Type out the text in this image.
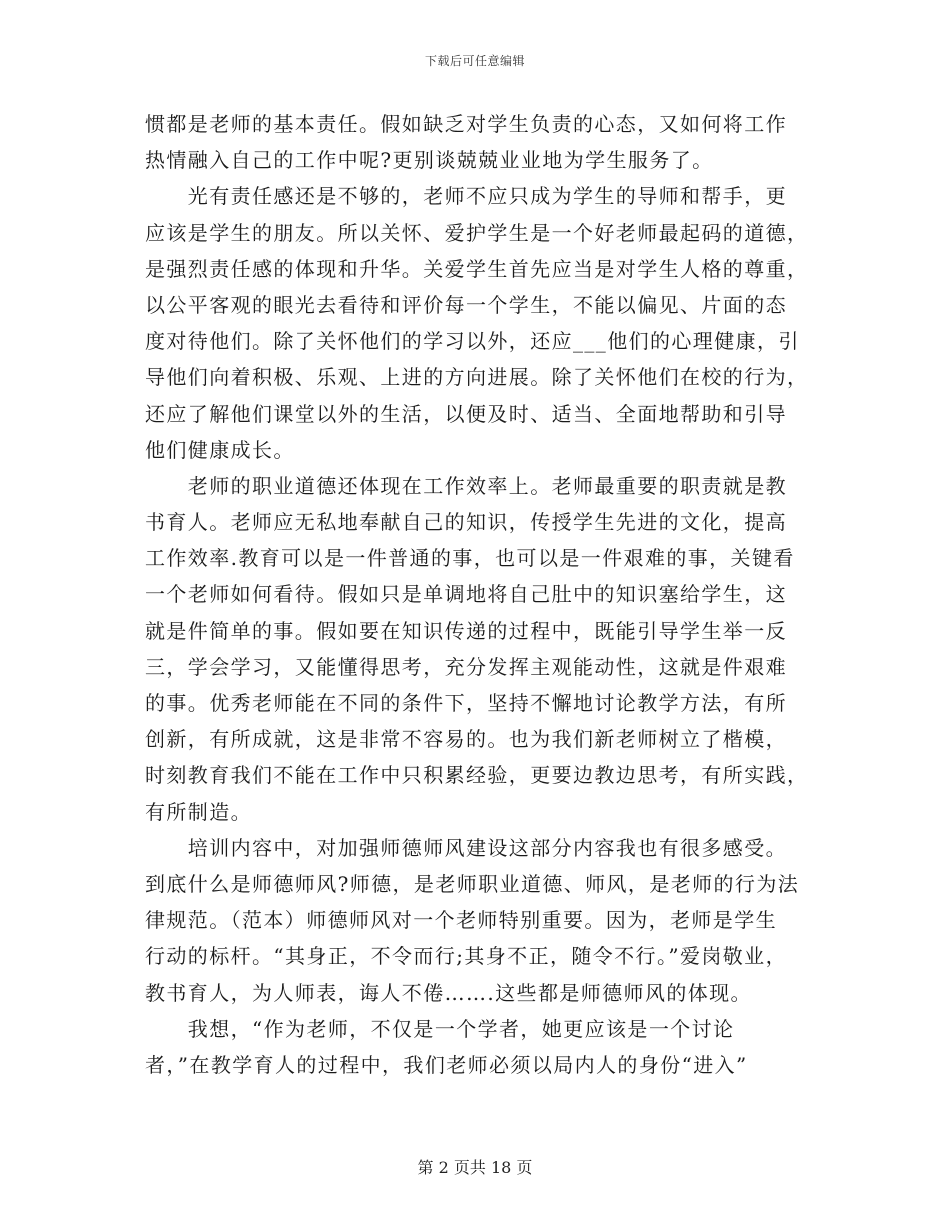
下载后可任意编辑
惯都是老师的基本责任。假如缺乏对学生负责的心态，又如何将工作
热情融入自己的工作中呢?更别谈兢兢业业地为学生服务了。
　　光有责任感还是不够的，老师不应只成为学生的导师和帮手，更
应该是学生的朋友。所以关怀、爱护学生是一个好老师最起码的道德，
是强烈责任感的体现和升华。关爱学生首先应当是对学生人格的尊重，
以公平客观的眼光去看待和评价每一个学生，不能以偏见、片面的态
度对待他们。除了关怀他们的学习以外，还应___他们的心理健康，引
导他们向着积极、乐观、上进的方向进展。除了关怀他们在校的行为，
还应了解他们课堂以外的生活，以便及时、适当、全面地帮助和引导
他们健康成长。
　　老师的职业道德还体现在工作效率上。老师最重要的职责就是教
书育人。老师应无私地奉献自己的知识，传授学生先进的文化，提高
工作效率.教育可以是一件普通的事，也可以是一件艰难的事，关键看
一个老师如何看待。假如只是单调地将自己肚中的知识塞给学生，这
就是件简单的事。假如要在知识传递的过程中，既能引导学生举一反
三，学会学习，又能懂得思考，充分发挥主观能动性，这就是件艰难
的事。优秀老师能在不同的条件下，坚持不懈地讨论教学方法，有所
创新，有所成就，这是非常不容易的。也为我们新老师树立了楷模，
时刻教育我们不能在工作中只积累经验，更要边教边思考，有所实践，
有所制造。
　　培训内容中，对加强师德师风建设这部分内容我也有很多感受。
到底什么是师德师风?师德，是老师职业道德、师风，是老师的行为法
律规范。（范本）师德师风对一个老师特别重要。因为，老师是学生
行动的标杆。“其身正，不令而行;其身不正，随令不行。”爱岗敬业，
教书育人，为人师表，诲人不倦…….这些都是师德师风的体现。
　　我想，“作为老师，不仅是一个学者，她更应该是一个讨论
者，”在教学育人的过程中，我们老师必须以局内人的身份“进入”
第 2 页共 18 页
